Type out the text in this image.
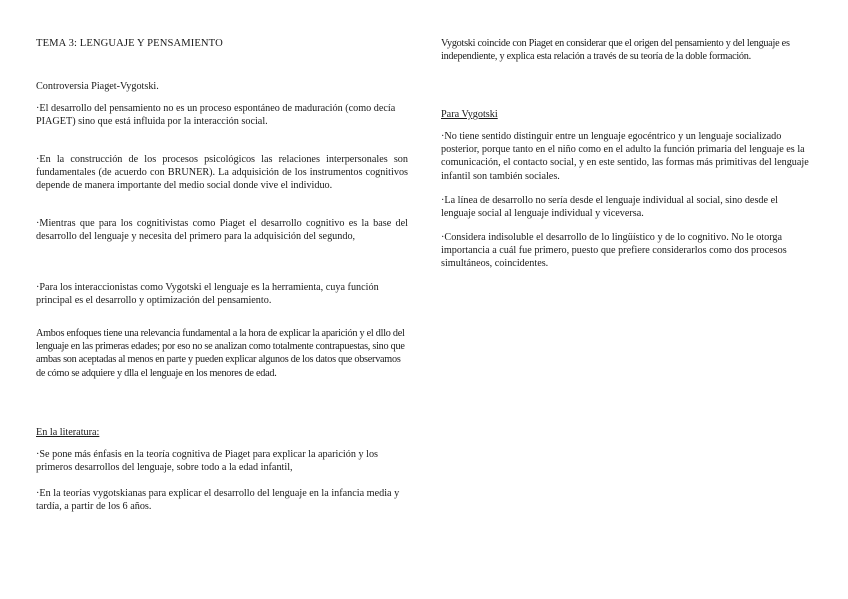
TEMA 3: LENGUAJE Y PENSAMIENTO

Controversia Piaget-Vygotski.

·El desarrollo del pensamiento no es un proceso espontáneo de maduración (como decía PIAGET) sino que está influida por la interacción social.

·En la construcción de los procesos psicológicos las relaciones interpersonales son fundamentales (de acuerdo con BRUNER). La adquisición de los instrumentos cognitivos depende de manera importante del medio social donde vive el individuo.

·Mientras que para los cognitivistas como Piaget el desarrollo cognitivo es la base del desarrollo del lenguaje y necesita del primero para la adquisición del segundo,

·Para los interaccionistas como Vygotski el lenguaje es la herramienta, cuya función principal es el desarrollo y optimización del pensamiento.

Ambos enfoques tiene una relevancia fundamental a la hora de explicar la aparición y el dllo del lenguaje en las primeras edades; por eso no se analizan como totalmente contrapuestas, sino que ambas son aceptadas al menos en parte y pueden explicar algunos de los datos que observamos de cómo se adquiere y dlla el lenguaje en los menores de edad.

En la literatura:

·Se pone más énfasis en la teoría cognitiva de Piaget para explicar la aparición y los primeros desarrollos del lenguaje, sobre todo a la edad infantil,

·En la teorías vygotskianas para explicar el desarrollo del lenguaje en la infancia media y tardía, a partir de los 6 años.

Vygotski coincide con Piaget en considerar que el origen del pensamiento y del lenguaje es independiente, y explica esta relación a través de su teoría de la doble formación.

Para Vygotski

·No tiene sentido distinguir entre un lenguaje egocéntrico y un lenguaje socializado posterior, porque tanto en el niño como en el adulto la función primaria del lenguaje es la comunicación, el contacto social, y en este sentido, las formas más primitivas del lenguaje infantil son también sociales.

·La línea de desarrollo no sería desde el lenguaje individual al social, sino desde el lenguaje social al lenguaje individual y viceversa.

·Considera indisoluble el desarrollo de lo lingüístico y de lo cognitivo. No le otorga importancia a cuál fue primero, puesto que prefiere considerarlos como dos procesos simultáneos, coincidentes.
